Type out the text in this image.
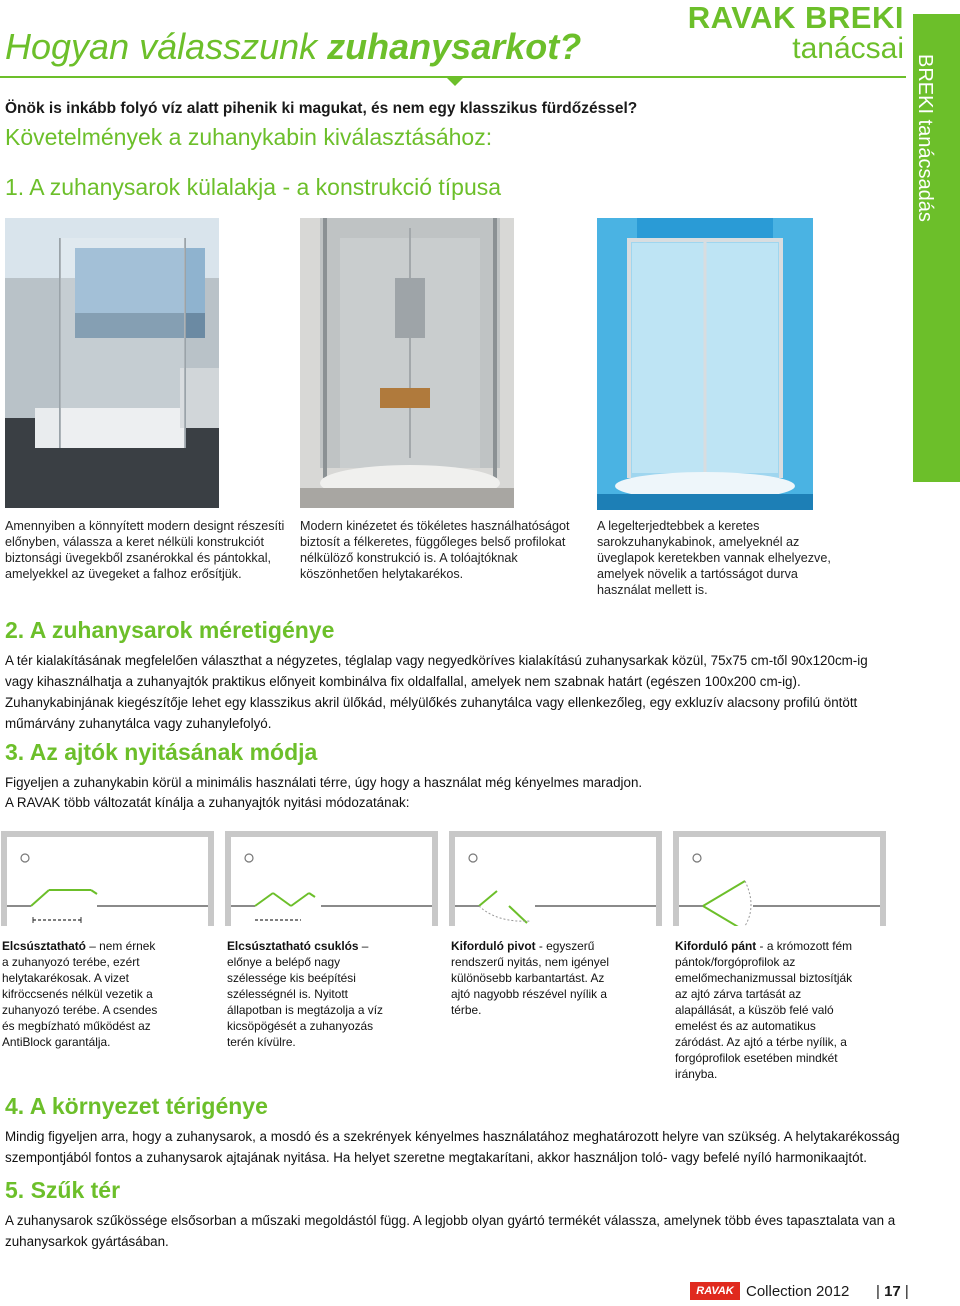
Hogyan válasszunk zuhanysarkot?
RAVAK BREKI
tanácsai
BREKI tanácsadás
Önök is inkább folyó víz alatt pihenik ki magukat, és nem egy klasszikus fürdőzéssel?
Követelmények a zuhanykabin kiválasztásához:
1. A zuhanysarok külalakja - a konstrukció típusa
Amennyiben a könnyített modern designt részesíti előnyben, válassza a keret nélküli konstrukciót biztonsági üvegekből zsanérokkal és pántokkal, amelyekkel az üvegeket a falhoz erősítjük.
Modern kinézetet és tökéletes használhatóságot biztosít a félkeretes, függőleges belső profilokat nélkülöző konstrukció is. A tolóajtóknak köszönhetően helytakarékos.
A legelterjedtebbek a keretes sarokzuhanykabinok, amelyeknél az üveglapok keretekben vannak elhelyezve, amelyek növelik a tartósságot durva használat mellett is.
2. A zuhanysarok méretigénye
A tér kialakításának megfelelően választhat a négyzetes, téglalap vagy negyedköríves kialakítású zuhanysarkak közül, 75x75 cm-től 90x120cm-ig vagy kihasználhatja a zuhanyajtók praktikus előnyeit kombinálva fix oldalfallal, amelyek nem szabnak határt (egészen 100x200 cm-ig). Zuhanykabinjának kiegészítője lehet egy klasszikus akril ülőkád, mélyülőkés zuhanytálca vagy ellenkezőleg, egy exkluzív alacsony profilú öntött műmárvány zuhanytálca vagy zuhanylefolyó.
3. Az ajtók nyitásának módja
Figyeljen a zuhanykabin körül a minimális használati térre, úgy hogy a használat még kényelmes maradjon.
A RAVAK több változatát kínálja a zuhanyajtók nyitási módozatának:
Elcsúsztatható – nem érnek a zuhanyozó terébe, ezért helytakarékosak. A vizet kifröccsenés nélkül vezetik a zuhanyozó terébe. A csendes és megbízható működést az AntiBlock garantálja.
Elcsúsztatható csuklós – előnye a belépő nagy szélessége kis beépítési szélességnél is. Nyitott állapotban is megtázolja a víz kicsöpögését a zuhanyozás terén kívülre.
Kiforduló pivot - egyszerű rendszerű nyitás, nem igényel különösebb karbantartást. Az ajtó nagyobb részével nyílik a térbe.
Kiforduló pánt - a krómozott fém pántok/forgóprofilok az emelőmechanizmussal biztosítják az ajtó zárva tartását az alapállását, a küszöb felé való emelést és az automatikus záródást. Az ajtó a térbe nyílik, a forgóprofilok esetében mindkét irányba.
4. A környezet térigénye
Mindig figyeljen arra, hogy a zuhanysarok, a mosdó és a szekrények kényelmes használatához meghatározott helyre van szükség. A helytakarékosság szempontjából fontos a zuhanysarok ajtajának nyitása. Ha helyet szeretne megtakarítani, akkor használjon toló- vagy befelé nyíló harmonikaajtót.
5. Szűk tér
A zuhanysarok szűkössége elsősorban a műszaki megoldástól függ. A legjobb olyan gyártó termékét válassza, amelynek több éves tapasztalata van a zuhanysarkok gyártásában.
RAVAK Collection 2012 | 17 |
